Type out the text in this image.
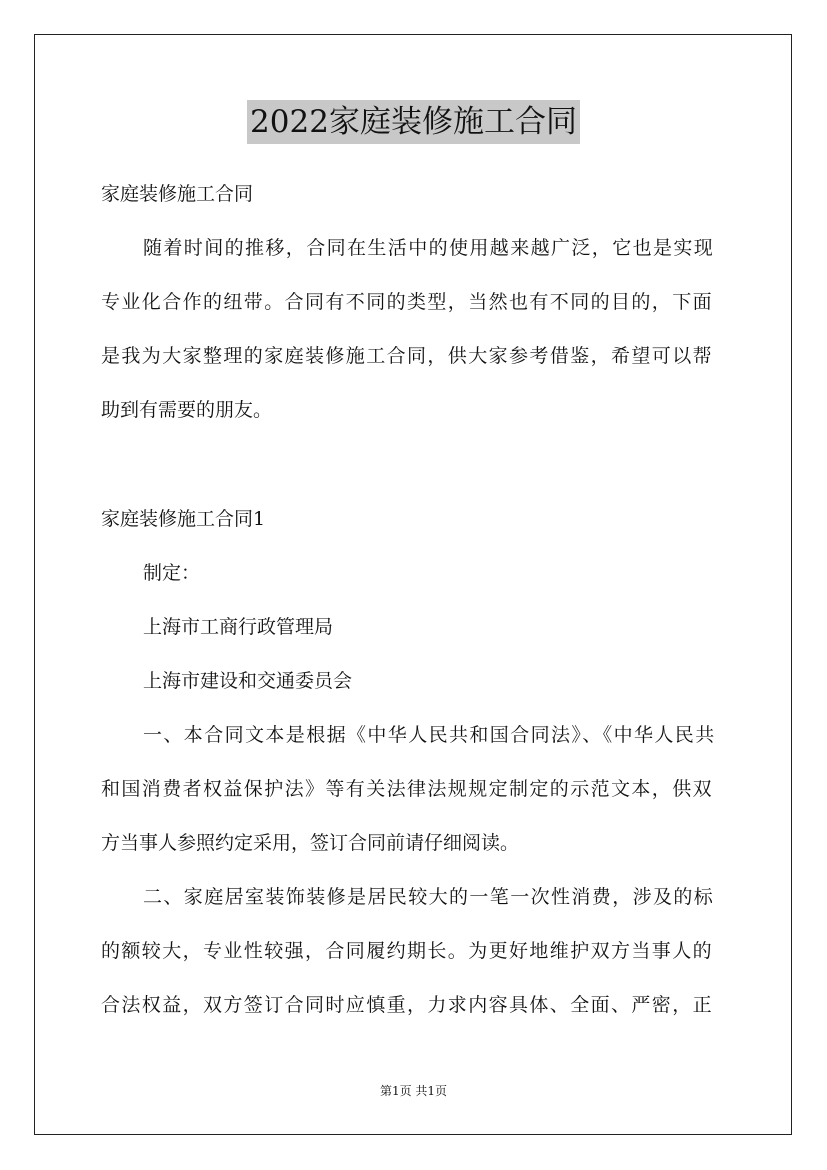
2022家庭装修施工合同
家庭装修施工合同
随着时间的推移，合同在生活中的使用越来越广泛，它也是实现
专业化合作的纽带。合同有不同的类型，当然也有不同的目的，下面
是我为大家整理的家庭装修施工合同，供大家参考借鉴，希望可以帮
助到有需要的朋友。
家庭装修施工合同1
制定：
上海市工商行政管理局
上海市建设和交通委员会
一、本合同文本是根据《中华人民共和国合同法》、《中华人民共
和国消费者权益保护法》等有关法律法规规定制定的示范文本，供双
方当事人参照约定采用，签订合同前请仔细阅读。
二、家庭居室装饰装修是居民较大的一笔一次性消费，涉及的标
的额较大，专业性较强，合同履约期长。为更好地维护双方当事人的
合法权益，双方签订合同时应慎重，力求内容具体、全面、严密，正
第1页 共1页
